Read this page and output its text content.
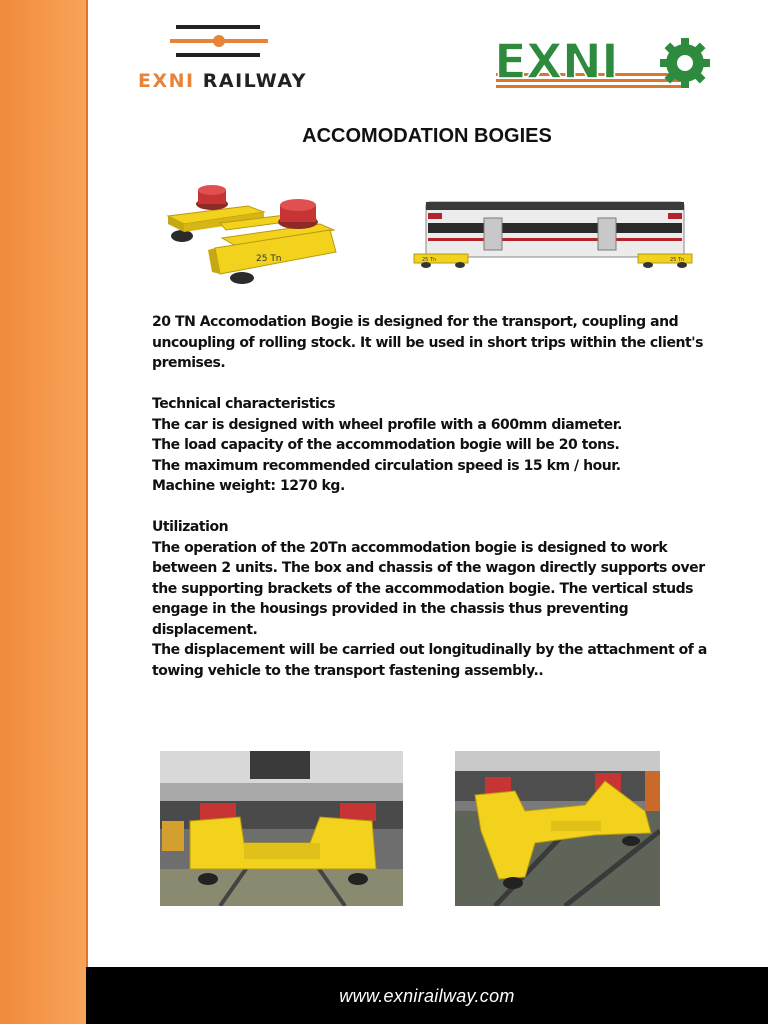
EXNI RAILWAY	EXNI
ACCOMODATION BOGIES
25 Tn	25 Tn	25 Tn

20 TN Accomodation Bogie is designed for the transport, coupling and uncoupling of rolling stock. It will be used in short trips within the client's premises.

Technical characteristics

The car is designed with wheel profile with a 600mm diameter.

The load capacity of the accommodation bogie will be 20 tons.

The maximum recommended circulation speed is 15 km / hour.

Machine weight: 1270 kg.

Utilization

The operation of the 20Tn accommodation bogie is designed to work between 2 units. The box and chassis of the wagon directly supports over the supporting brackets of the accommodation bogie. The vertical studs engage in the housings provided in the chassis thus preventing displacement.

The displacement will be carried out longitudinally by the attachment of a towing vehicle to the transport fastening assembly..

www.exnirailway.com
